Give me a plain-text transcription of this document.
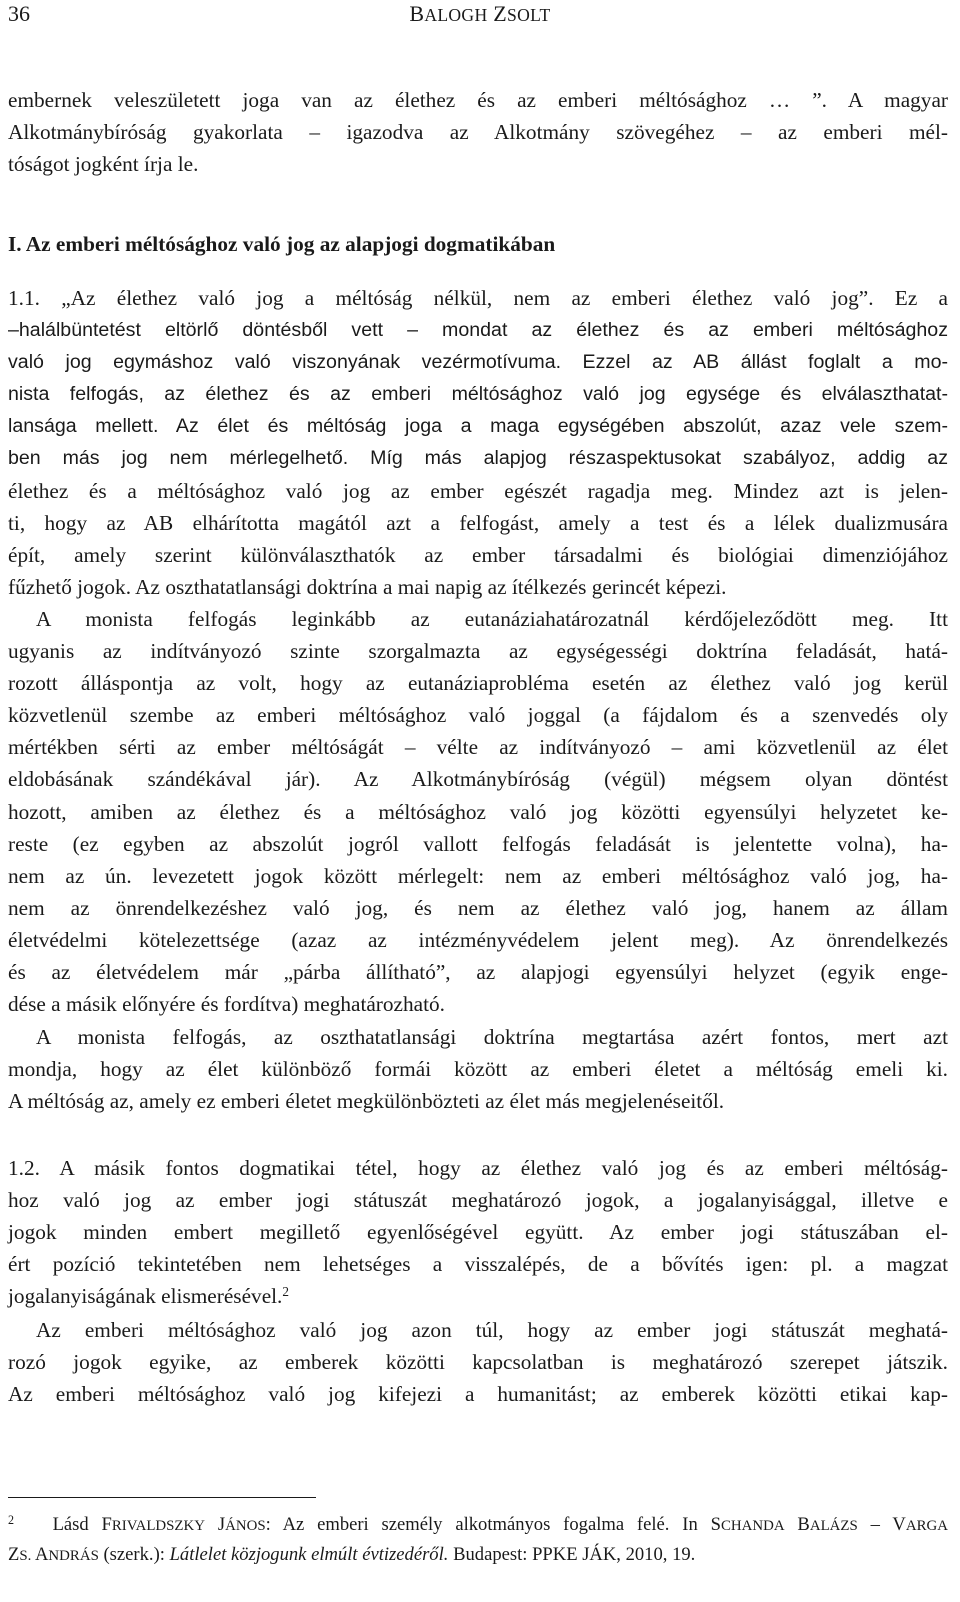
36	BALOGH ZSOLT
embernek veleszületett joga van az élethez és az emberi méltósághoz … ”. A magyar
Alkotmánybíróság gyakorlata – igazodva az Alkotmány szövegéhez – az emberi mél-
tóságot jogként írja le.
I. Az emberi méltósághoz való jog az alapjogi dogmatikában
1.1. „Az élethez való jog a méltóság nélkül, nem az emberi élethez való jog”. Ez a
–halálbüntetést eltörlő döntésből vett – mondat az élethez és az emberi méltósághoz
való jog egymáshoz való viszonyának vezérmotívuma. Ezzel az AB állást foglalt a mo-
nista felfogás, az élethez és az emberi méltósághoz való jog egysége és elválaszthatat-
lansága mellett. Az élet és méltóság joga a maga egységében abszolút, azaz vele szem-
ben más jog nem mérlegelhető. Míg más alapjog részaspektusokat szabályoz, addig az
élethez és a méltósághoz való jog az ember egészét ragadja meg. Mindez azt is jelen-
ti, hogy az AB elhárította magától azt a felfogást, amely a test és a lélek dualizmusára
épít, amely szerint különválaszthatók az ember társadalmi és biológiai dimenziójához
fűzhető jogok. Az oszthatatlansági doktrína a mai napig az ítélkezés gerincét képezi.
A monista felfogás leginkább az eutanáziahatározatnál kérdőjeleződött meg. Itt
ugyanis az indítványozó szinte szorgalmazta az egységességi doktrína feladását, hatá-
rozott álláspontja az volt, hogy az eutanáziaprobléma esetén az élethez való jog kerül
közvetlenül szembe az emberi méltósághoz való joggal (a fájdalom és a szenvedés oly
mértékben sérti az ember méltóságát – vélte az indítványozó – ami közvetlenül az élet
eldobásának szándékával jár). Az Alkotmánybíróság (végül) mégsem olyan döntést
hozott, amiben az élethez és a méltósághoz való jog közötti egyensúlyi helyzetet ke-
reste (ez egyben az abszolút jogról vallott felfogás feladását is jelentette volna), ha-
nem az ún. levezetett jogok között mérlegelt: nem az emberi méltósághoz való jog, ha-
nem az önrendelkezéshez való jog, és nem az élethez való jog, hanem az állam
életvédelmi kötelezettsége (azaz az intézményvédelem jelent meg). Az önrendelkezés
és az életvédelem már „párba állítható”, az alapjogi egyensúlyi helyzet (egyik enge-
dése a másik előnyére és fordítva) meghatározható.
A monista felfogás, az oszthatatlansági doktrína megtartása azért fontos, mert azt
mondja, hogy az élet különböző formái között az emberi életet a méltóság emeli ki.
A méltóság az, amely ez emberi életet megkülönbözteti az élet más megjelenéseitől.
1.2. A másik fontos dogmatikai tétel, hogy az élethez való jog és az emberi méltóság-
hoz való jog az ember jogi státuszát meghatározó jogok, a jogalanyisággal, illetve e
jogok minden embert megillető egyenlőségével együtt. Az ember jogi státuszában el-
ért pozíció tekintetében nem lehetséges a visszalépés, de a bővítés igen: pl. a magzat
jogalanyiságának elismerésével.$^2$
Az emberi méltósághoz való jog azon túl, hogy az ember jogi státuszát meghatá-
rozó jogok egyike, az emberek közötti kapcsolatban is meghatározó szerepet játszik.
Az emberi méltósághoz való jog kifejezi a humanitást; az emberek közötti etikai kap-
$^2$ Lásd FRIVALDSZKY JÁNOS: Az emberi személy alkotmányos fogalma felé. In SCHANDA BALÁZS – VARGA
ZS. ANDRÁS (szerk.): Látlelet közjogunk elmúlt évtizedéről. Budapest: PPKE JÁK, 2010, 19.
